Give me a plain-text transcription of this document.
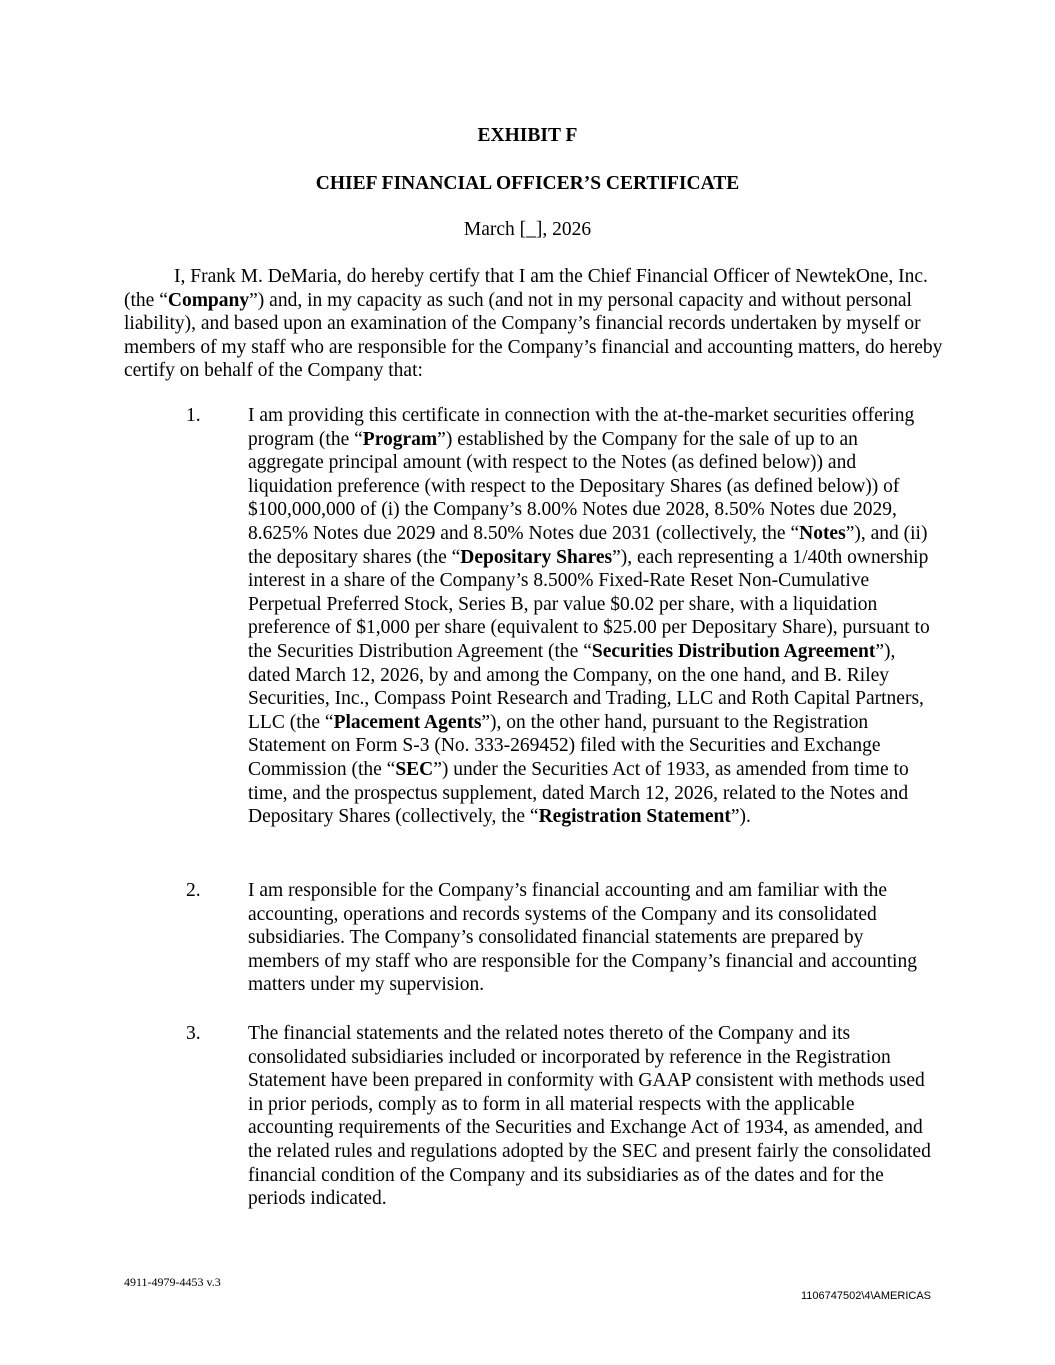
EXHIBIT F
CHIEF FINANCIAL OFFICER’S CERTIFICATE
March [_], 2026

I, Frank M. DeMaria, do hereby certify that I am the Chief Financial Officer of NewtekOne, Inc. (the “Company”) and, in my capacity as such (and not in my personal capacity and without personal liability), and based upon an examination of the Company’s financial records undertaken by myself or members of my staff who are responsible for the Company’s financial and accounting matters, do hereby certify on behalf of the Company that:

1. I am providing this certificate in connection with the at-the-market securities offering program (the “Program”) established by the Company for the sale of up to an aggregate principal amount (with respect to the Notes (as defined below)) and liquidation preference (with respect to the Depositary Shares (as defined below)) of $100,000,000 of (i) the Company’s 8.00% Notes due 2028, 8.50% Notes due 2029, 8.625% Notes due 2029 and 8.50% Notes due 2031 (collectively, the “Notes”), and (ii) the depositary shares (the “Depositary Shares”), each representing a 1/40th ownership interest in a share of the Company’s 8.500% Fixed-Rate Reset Non-Cumulative Perpetual Preferred Stock, Series B, par value $0.02 per share, with a liquidation preference of $1,000 per share (equivalent to $25.00 per Depositary Share), pursuant to the Securities Distribution Agreement (the “Securities Distribution Agreement”), dated March 12, 2026, by and among the Company, on the one hand, and B. Riley Securities, Inc., Compass Point Research and Trading, LLC and Roth Capital Partners, LLC (the “Placement Agents”), on the other hand, pursuant to the Registration Statement on Form S-3 (No. 333-269452) filed with the Securities and Exchange Commission (the “SEC”) under the Securities Act of 1933, as amended from time to time, and the prospectus supplement, dated March 12, 2026, related to the Notes and Depositary Shares (collectively, the “Registration Statement”).

2. I am responsible for the Company’s financial accounting and am familiar with the accounting, operations and records systems of the Company and its consolidated subsidiaries. The Company’s consolidated financial statements are prepared by members of my staff who are responsible for the Company’s financial and accounting matters under my supervision.

3. The financial statements and the related notes thereto of the Company and its consolidated subsidiaries included or incorporated by reference in the Registration Statement have been prepared in conformity with GAAP consistent with methods used in prior periods, comply as to form in all material respects with the applicable accounting requirements of the Securities and Exchange Act of 1934, as amended, and the related rules and regulations adopted by the SEC and present fairly the consolidated financial condition of the Company and its subsidiaries as of the dates and for the periods indicated.

4911-4979-4453 v.3
1106747502\4\AMERICAS
